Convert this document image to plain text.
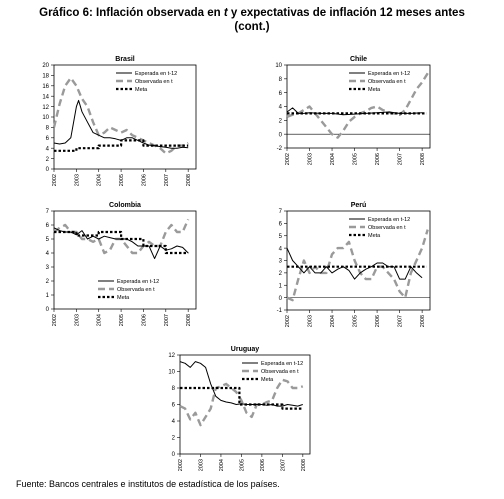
Gráfico 6: Inflación observada en t y expectativas de inflación 12 meses antes
(cont.)
Brasil
0
2
4
6
8
10
12
14
16
18
20
2002	2003	2004	2005	2006	2007	2008
Esperada en t-12
Observada en t
Meta
Chile
-2
0
2
4
6
8
10
2002	2003	2004	2005	2006	2007	2008
Esperada en t-12
Observada en t
Meta
Colombia
0
1
2
3
4
5
6
7
2002	2003	2004	2005	2006	2007	2008
Esperada en t-12
Observada en t
Meta
Perú
-1
0
1
2
3
4
5
6
7
2002	2003	2004	2005	2006	2007	2008
Esperada en t-12
Observada en t
Meta
Uruguay
0
2
4
6
8
10
12
2002	2003	2004	2005	2006	2007	2008
Esperada en t-12
Observada en t
Meta
Fuente: Bancos centrales e institutos de estadística de los países.
